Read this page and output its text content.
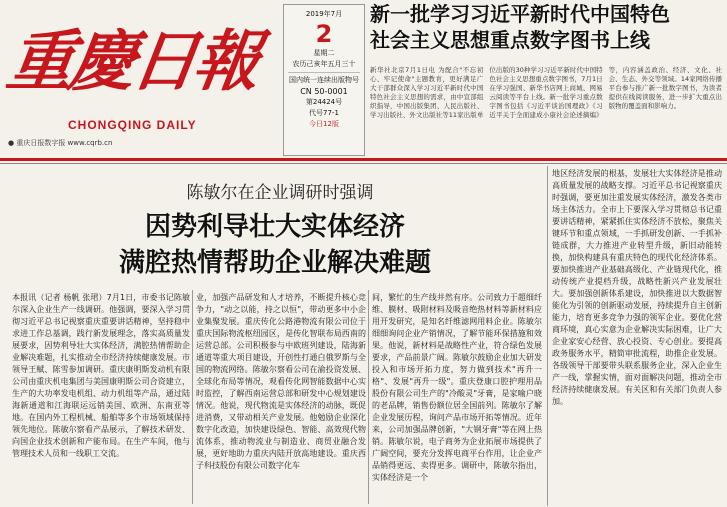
重慶日報
CHONGQING DAILY
● 重庆日报数字报 www.cqrb.cn
2019年7月
2
星期二
农历己亥年五月三十
国内统一连续出版物号
CN 50-0001
第24424号
代号77-1
今日12版
新一批学习习近平新时代中国特色
社会主义思想重点数字图书上线
新华社北京7月1日电 为配合"不忘初心、牢记使命"主题教育，更好满足广大干部群众深入学习习近平新时代中国特色社会主义思想的需求，由中宣部组织指导，中国出版集团、人民出版社、学习出版社、外文出版社等11家出版单位出版的30种学习习近平新时代中国特色社会主义思想重点数字图书，7月1日在学习强国、新华书店网上商城、网易云阅读等平台上线。新一批学习重点数字图书包括《习近平谈治国理政》《习近平关于全面建成小康社会论述摘编》等，内容涵盖政治、经济、文化、社会、生态、外交等领域。14家网络传播平台参与推广新一批数字图书，为读者提供在线阅读服务，进一步扩大重点出版物的覆盖面和影响力。
陈敏尔在企业调研时强调
因势利导壮大实体经济
满腔热情帮助企业解决难题
本报讯（记者 杨帆 张珺）7月1日，市委书记陈敏尔深入企业生产一线调研。他强调，要深入学习贯彻习近平总书记视察重庆重要讲话精神，坚持稳中求进工作总基调，践行新发展理念，落实高质量发展要求，因势利导壮大实体经济，满腔热情帮助企业解决难题，扎实推动全市经济持续健康发展。市领导王赋、陈雪参加调研。重庆康明斯发动机有限公司由重庆机电集团与美国康明斯公司合资建立，生产的大功率发电机组、动力机组等产品，通过陆海新通道和江海联运远销美国、欧洲、东南亚等地。在国内外工程机械、船舶等多个市场领域保持领先地位。陈敏尔察看产品展示，了解技术研发、向国企业技术创新和产能布局。在生产车间，他与管理技术人员和一线职工交流。
业，加强产品研发和人才培养，不断提升核心竞争力，"动之以能，持之以恒"，带动更多中小企业集聚发展。重庆传化公路港物流有限公司位于重庆国际物流枢纽园区，是传化智联布局西南的运营总部。公司积极参与中欧班列建设，陆海新通道等重大项目建设，开创性打通白俄罗斯与全国的物流网络。陈敏尔察看公司在渝投资发展、全球化布局等情况，观看传化网智能数据中心实时监控，了解西南运营总部和研发中心规划建设情况。他说，现代物流是实体经济的动脉，既促进消费，又带动相关产业发展。他勉励企业深化数字化改造，加快建设绿色、智能、高效现代物流体系，推动物流业与制造业、商贸业融合发展，更好地助力重庆内陆开放高地建设。重庆西子科技股份有限公司数字化车
间，繁忙的生产线井然有序。公司致力于超细纤维、膜材、吸附材料及吸音绝热材料等新材料应用开发研究，是知名纤维滤网用料企业。陈敏尔细细询问企业产销情况，了解节能环保措施和效果。他说，新材料是战略性产业，符合绿色发展要求，产品前景广阔。陈敏尔鼓励企业加大研发投入和市场开拓力度，努力做到技术"再升一格"、发展"再升一级"。重庆登康口腔护理用品股份有限公司生产的"冷酸灵"牙膏，是家喻户晓的老品牌，销售份额位居全国前列。陈敏尔了解企业发展历程，询问产品市场开拓等情况。近年来，公司加强品牌创新，"大钢牙膏"等在网上热销。陈敏尔说，电子商务为企业拓展市场提供了广阔空间，要充分发挥电商平台作用，让企业产品销得更远、卖得更多。调研中，陈敏尔指出，实体经济是一个
地区经济发展的根基，发展壮大实体经济是推动高质量发展的战略支撑。习近平总书记视察重庆时强调，要更加注重发展实体经济，激发各类市场主体活力。全市上下要深入学习贯彻总书记重要讲话精神，紧紧抓住实体经济不放松，聚焦关键环节和重点领域，一手抓研发创新、一手抓补链成群，大力推进产业转型升级，新旧动能转换，加快构建具有重庆特色的现代化经济体系。要加快推进产业基础高级化、产业链现代化，推动传统产业提档升级，战略性新兴产业发展壮大。要加强创新体系建设，加快推进以大数据智能化为引领的创新驱动发展，持续提升自主创新能力，培育更多竞争力强的领军企业。要优化营商环境，真心实意为企业解决实际困难，让广大企业家安心经营、放心投资、专心创业。要提高政务服务水平，精简审批流程，助推企业发展。各级领导干部要带头联系服务企业，深入企业生产一线，掌握实情，面对面解决问题，推动全市经济持续健康发展。有关区和有关部门负责人参加。
